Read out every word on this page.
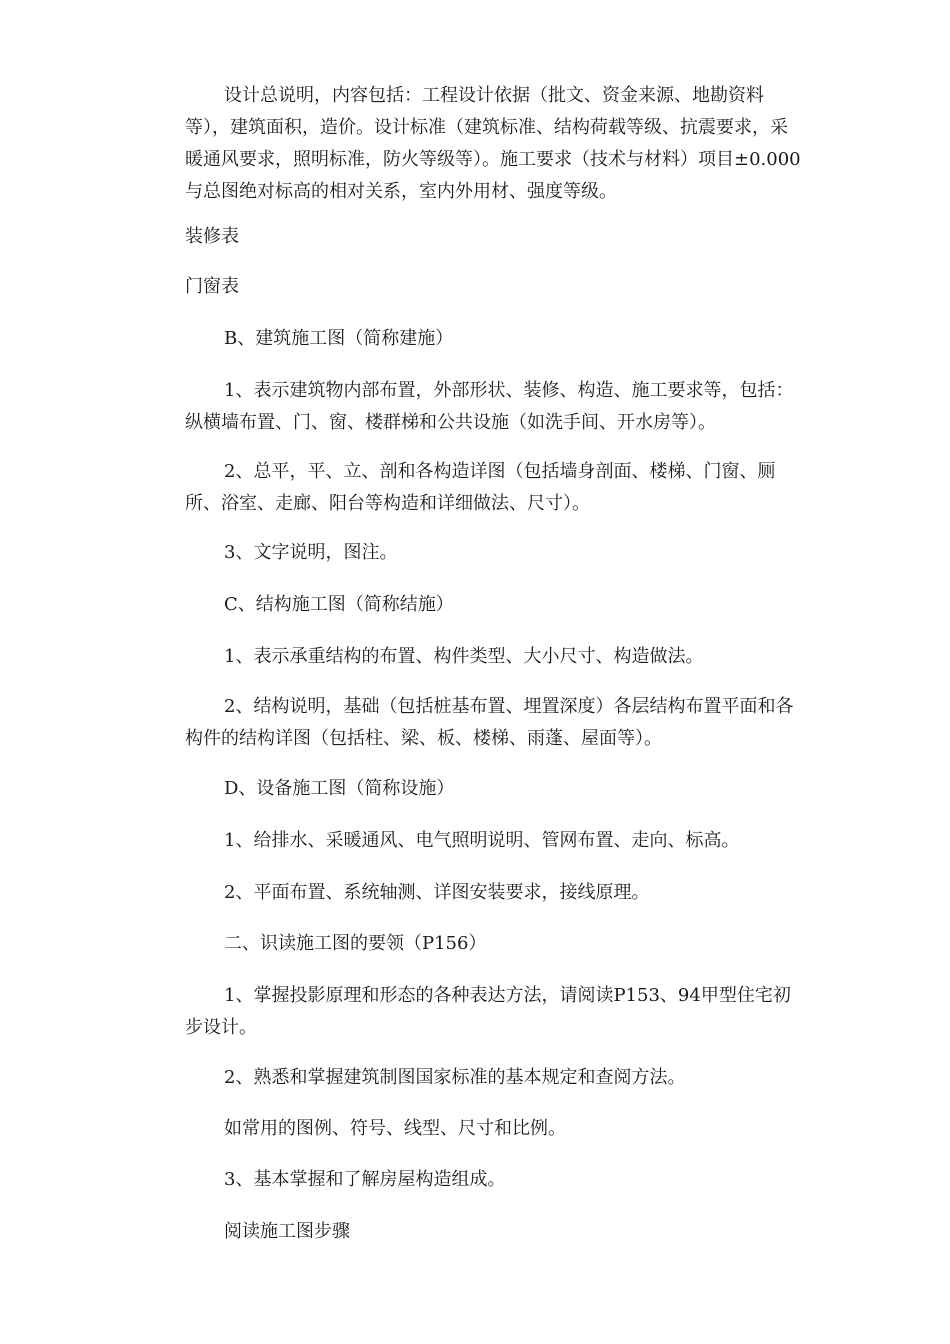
设计总说明，内容包括：工程设计依据（批文、资金来源、地勘资料等），建筑面积，造价。设计标准（建筑标准、结构荷载等级、抗震要求，采暖通风要求，照明标准，防火等级等）。施工要求（技术与材料）项目±0.000与总图绝对标高的相对关系，室内外用材、强度等级。

装修表

门窗表

B、建筑施工图（简称建施）

1、表示建筑物内部布置，外部形状、装修、构造、施工要求等，包括：纵横墙布置、门、窗、楼群梯和公共设施（如洗手间、开水房等）。

2、总平，平、立、剖和各构造详图（包括墙身剖面、楼梯、门窗、厕所、浴室、走廊、阳台等构造和详细做法、尺寸）。

3、文字说明，图注。

C、结构施工图（简称结施）

1、表示承重结构的布置、构件类型、大小尺寸、构造做法。

2、结构说明，基础（包括桩基布置、埋置深度）各层结构布置平面和各构件的结构详图（包括柱、梁、板、楼梯、雨蓬、屋面等）。

D、设备施工图（简称设施）

1、给排水、采暖通风、电气照明说明、管网布置、走向、标高。

2、平面布置、系统轴测、详图安装要求，接线原理。

二、识读施工图的要领（P156）

1、掌握投影原理和形态的各种表达方法，请阅读P153、94甲型住宅初步设计。

2、熟悉和掌握建筑制图国家标准的基本规定和查阅方法。

如常用的图例、符号、线型、尺寸和比例。

3、基本掌握和了解房屋构造组成。

阅读施工图步骤
